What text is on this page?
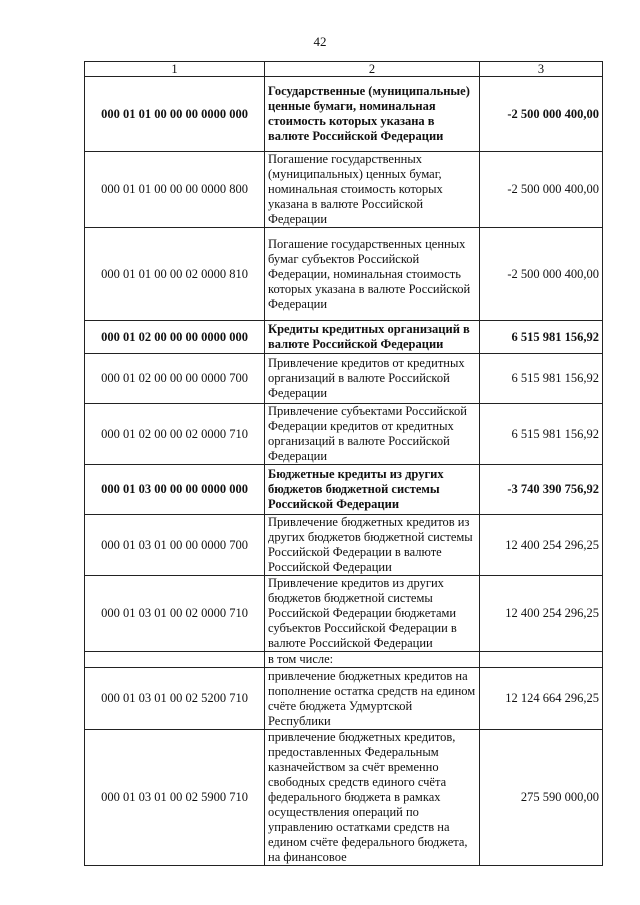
42
1	2	3
000 01 01 00 00 00 0000 000	Государственные (муниципальные) ценные бумаги, номинальная стоимость которых указана в валюте Российской Федерации	-2 500 000 400,00
000 01 01 00 00 00 0000 800	Погашение государственных (муниципальных) ценных бумаг, номинальная стоимость которых указана в валюте Российской Федерации	-2 500 000 400,00
000 01 01 00 00 02 0000 810	Погашение государственных ценных бумаг субъектов Российской Федерации, номинальная стоимость которых указана в валюте Российской Федерации	-2 500 000 400,00
000 01 02 00 00 00 0000 000	Кредиты кредитных организаций в валюте Российской Федерации	6 515 981 156,92
000 01 02 00 00 00 0000 700	Привлечение кредитов от кредитных организаций в валюте Российской Федерации	6 515 981 156,92
000 01 02 00 00 02 0000 710	Привлечение субъектами Российской Федерации кредитов от кредитных организаций в валюте Российской Федерации	6 515 981 156,92
000 01 03 00 00 00 0000 000	Бюджетные кредиты из других бюджетов бюджетной системы Российской Федерации	-3 740 390 756,92
000 01 03 01 00 00 0000 700	Привлечение бюджетных кредитов из других бюджетов бюджетной системы Российской Федерации в валюте Российской Федерации	12 400 254 296,25
000 01 03 01 00 02 0000 710	Привлечение кредитов из других бюджетов бюджетной системы Российской Федерации бюджетами субъектов Российской Федерации в валюте Российской Федерации	12 400 254 296,25
	в том числе:	
000 01 03 01 00 02 5200 710	привлечение бюджетных кредитов на пополнение остатка средств на едином счёте бюджета Удмуртской Республики	12 124 664 296,25
000 01 03 01 00 02 5900 710	привлечение бюджетных кредитов, предоставленных Федеральным казначейством за счёт временно свободных средств единого счёта федерального бюджета в рамках осуществления операций по управлению остатками средств на едином счёте федерального бюджета, на финансовое	275 590 000,00
